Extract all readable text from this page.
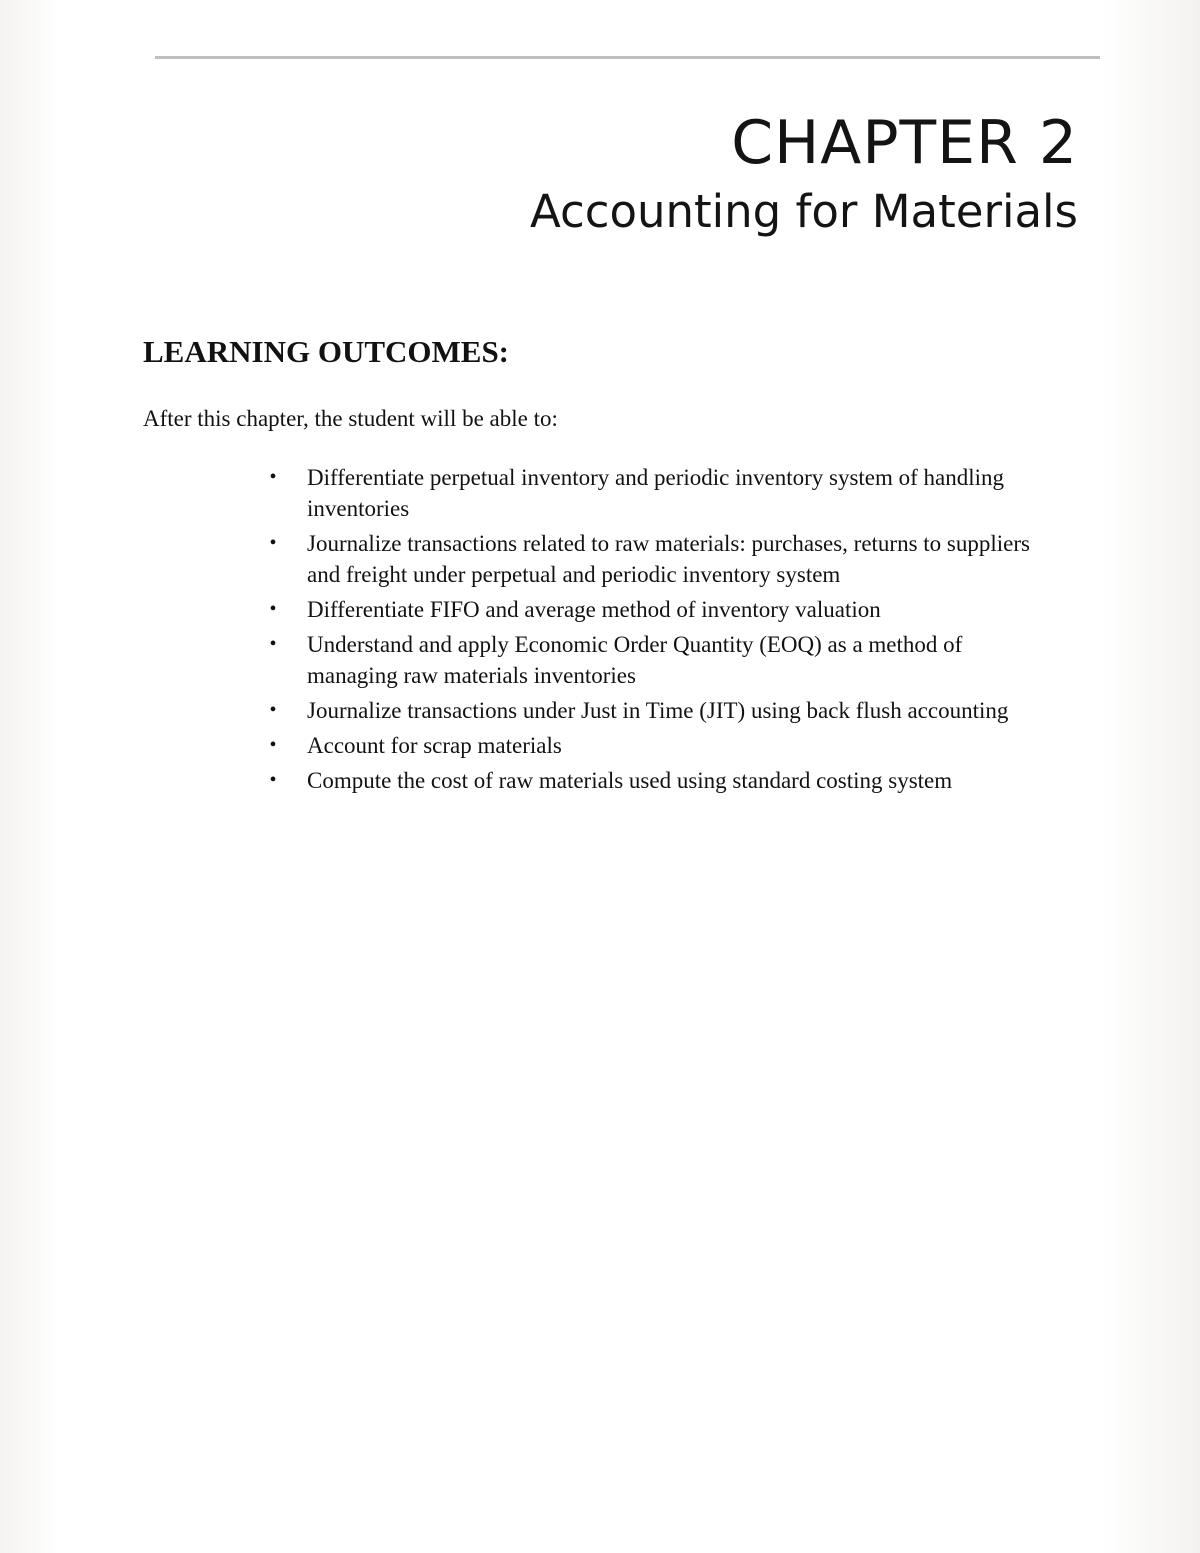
CHAPTER 2
Accounting for Materials
LEARNING OUTCOMES:
After this chapter, the student will be able to:
• Differentiate perpetual inventory and periodic inventory system of handling inventories
• Journalize transactions related to raw materials: purchases, returns to suppliers and freight under perpetual and periodic inventory system
• Differentiate FIFO and average method of inventory valuation
• Understand and apply Economic Order Quantity (EOQ) as a method of managing raw materials inventories
• Journalize transactions under Just in Time (JIT) using back flush accounting
• Account for scrap materials
• Compute the cost of raw materials used using standard costing system
